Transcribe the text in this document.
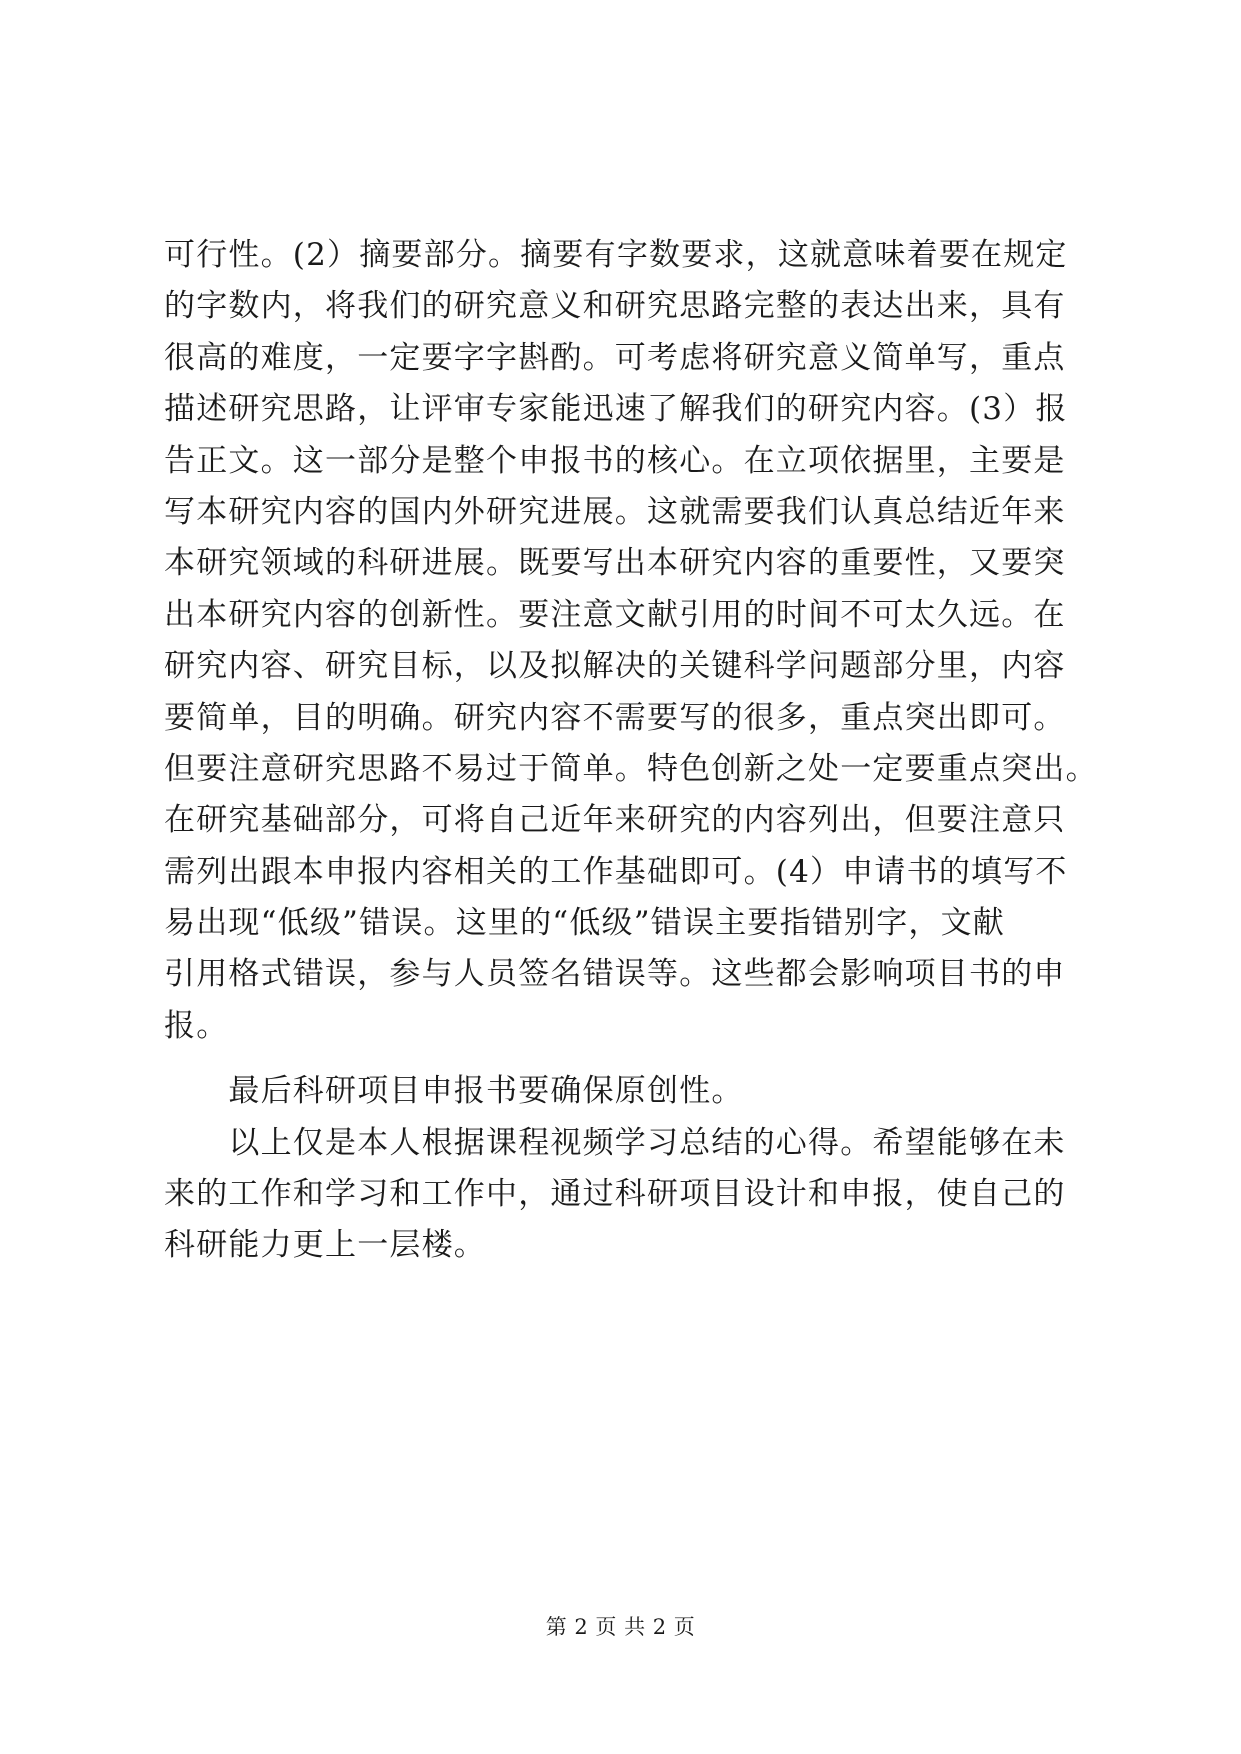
可行性。(2）摘要部分。摘要有字数要求，这就意味着要在规定
的字数内，将我们的研究意义和研究思路完整的表达出来，具有
很高的难度，一定要字字斟酌。可考虑将研究意义简单写，重点
描述研究思路，让评审专家能迅速了解我们的研究内容。(3）报
告正文。这一部分是整个申报书的核心。在立项依据里，主要是
写本研究内容的国内外研究进展。这就需要我们认真总结近年来
本研究领域的科研进展。既要写出本研究内容的重要性，又要突
出本研究内容的创新性。要注意文献引用的时间不可太久远。在
研究内容、研究目标，以及拟解决的关键科学问题部分里，内容
要简单，目的明确。研究内容不需要写的很多，重点突出即可。
但要注意研究思路不易过于简单。特色创新之处一定要重点突出。
在研究基础部分，可将自己近年来研究的内容列出，但要注意只
需列出跟本申报内容相关的工作基础即可。(4）申请书的填写不
易出现“低级”错误。这里的“低级”错误主要指错别字，文献
引用格式错误，参与人员签名错误等。这些都会影响项目书的申
报。
　　最后科研项目申报书要确保原创性。
　　以上仅是本人根据课程视频学习总结的心得。希望能够在未
来的工作和学习和工作中，通过科研项目设计和申报，使自己的
科研能力更上一层楼。
第 2 页 共 2 页
